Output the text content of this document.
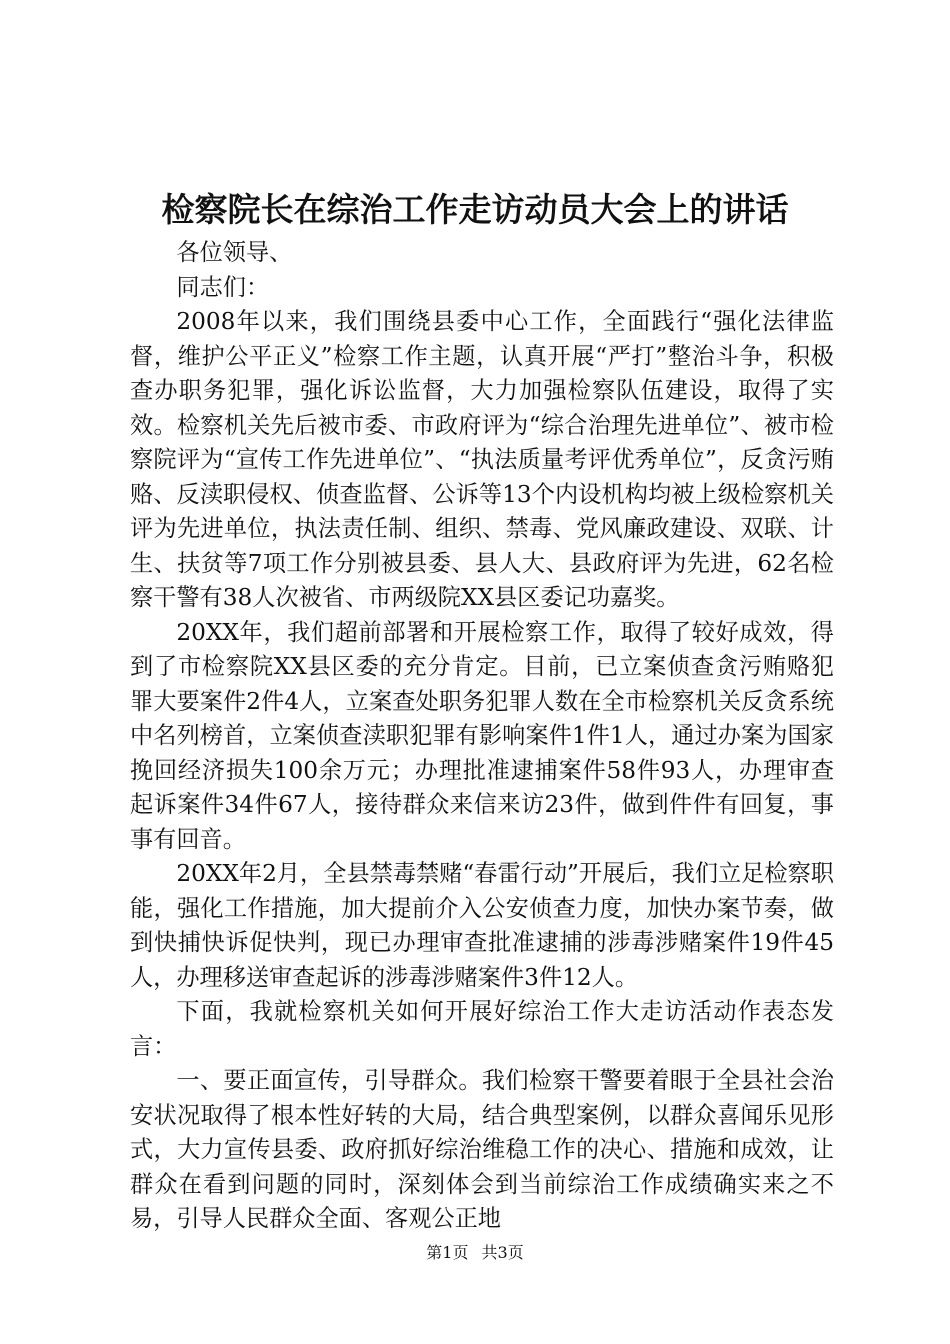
检察院长在综治工作走访动员大会上的讲话

各位领导、

同志们：

2008年以来，我们围绕县委中心工作，全面践行“强化法律监督，维护公平正义”检察工作主题，认真开展“严打”整治斗争，积极查办职务犯罪，强化诉讼监督，大力加强检察队伍建设，取得了实效。检察机关先后被市委、市政府评为“综合治理先进单位”、被市检察院评为“宣传工作先进单位”、“执法质量考评优秀单位”，反贪污贿赂、反渎职侵权、侦查监督、公诉等13个内设机构均被上级检察机关评为先进单位，执法责任制、组织、禁毒、党风廉政建设、双联、计生、扶贫等7项工作分别被县委、县人大、县政府评为先进，62名检察干警有38人次被省、市两级院XX县区委记功嘉奖。

20XX年，我们超前部署和开展检察工作，取得了较好成效，得到了市检察院XX县区委的充分肯定。目前，已立案侦查贪污贿赂犯罪大要案件2件4人，立案查处职务犯罪人数在全市检察机关反贪系统中名列榜首，立案侦查渎职犯罪有影响案件1件1人，通过办案为国家挽回经济损失100余万元；办理批准逮捕案件58件93人，办理审查起诉案件34件67人，接待群众来信来访23件，做到件件有回复，事事有回音。

20XX年2月，全县禁毒禁赌“春雷行动”开展后，我们立足检察职能，强化工作措施，加大提前介入公安侦查力度，加快办案节奏，做到快捕快诉促快判，现已办理审查批准逮捕的涉毒涉赌案件19件45人，办理移送审查起诉的涉毒涉赌案件3件12人。

下面，我就检察机关如何开展好综治工作大走访活动作表态发言：

一、要正面宣传，引导群众。我们检察干警要着眼于全县社会治安状况取得了根本性好转的大局，结合典型案例，以群众喜闻乐见形式，大力宣传县委、政府抓好综治维稳工作的决心、措施和成效，让群众在看到问题的同时，深刻体会到当前综治工作成绩确实来之不易，引导人民群众全面、客观公正地

第1页 共3页
